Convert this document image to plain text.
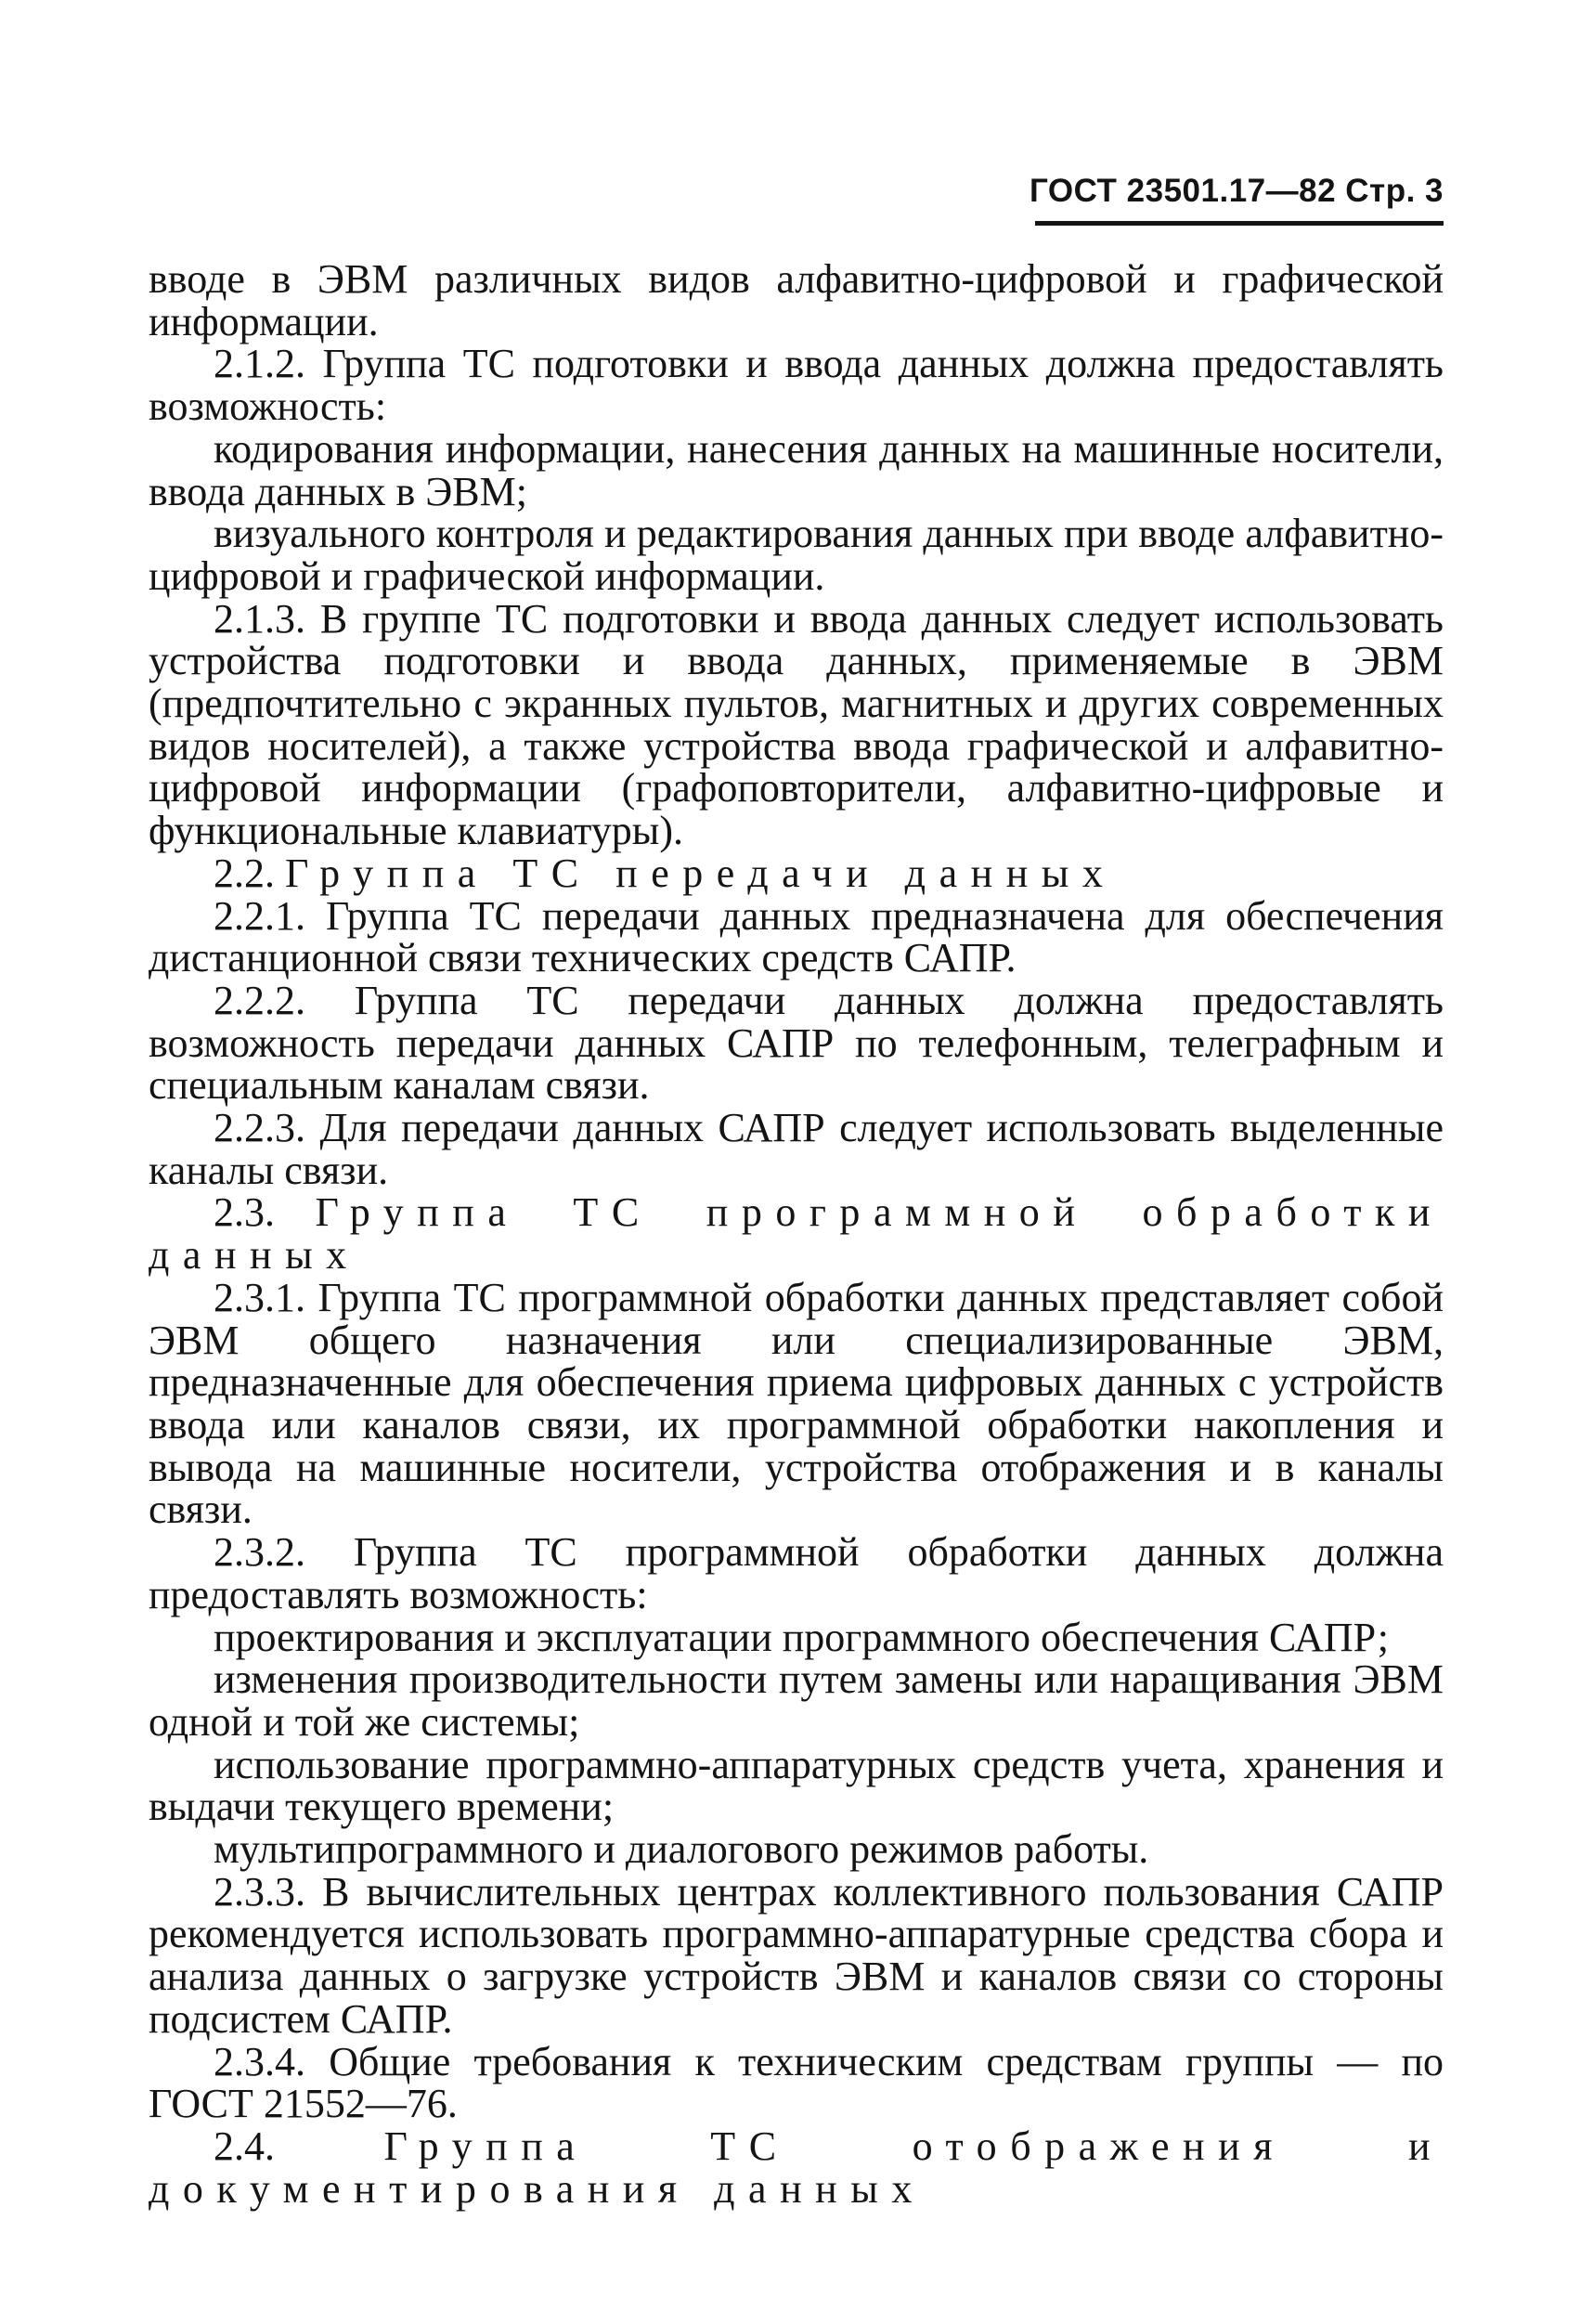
ГОСТ 23501.17—82 Стр. 3

вводе в ЭВМ различных видов алфавитно-цифровой и графической информации.

2.1.2. Группа ТС подготовки и ввода данных должна предоставлять возможность:

кодирования информации, нанесения данных на машинные носители, ввода данных в ЭВМ;

визуального контроля и редактирования данных при вводе алфавитно-цифровой и графической информации.

2.1.3. В группе ТС подготовки и ввода данных следует использовать устройства подготовки и ввода данных, применяемые в ЭВМ (предпочтительно с экранных пультов, магнитных и других современных видов носителей), а также устройства ввода графической и алфавитно-цифровой информации (графоповторители, алфавитно-цифровые и функциональные клавиатуры).

2.2. Группа ТС передачи данных

2.2.1. Группа ТС передачи данных предназначена для обеспечения дистанционной связи технических средств САПР.

2.2.2. Группа ТС передачи данных должна предоставлять возможность передачи данных САПР по телефонным, телеграфным и специальным каналам связи.

2.2.3. Для передачи данных САПР следует использовать выделенные каналы связи.

2.3. Группа ТС программной обработки данных

2.3.1. Группа ТС программной обработки данных представляет собой ЭВМ общего назначения или специализированные ЭВМ, предназначенные для обеспечения приема цифровых данных с устройств ввода или каналов связи, их программной обработки накопления и вывода на машинные носители, устройства отображения и в каналы связи.

2.3.2. Группа ТС программной обработки данных должна предоставлять возможность:

проектирования и эксплуатации программного обеспечения САПР;

изменения производительности путем замены или наращивания ЭВМ одной и той же системы;

использование программно-аппаратурных средств учета, хранения и выдачи текущего времени;

мультипрограммного и диалогового режимов работы.

2.3.3. В вычислительных центрах коллективного пользования САПР рекомендуется использовать программно-аппаратурные средства сбора и анализа данных о загрузке устройств ЭВМ и каналов связи со стороны подсистем САПР.

2.3.4. Общие требования к техническим средствам группы — по ГОСТ 21552—76.

2.4.	Группа ТС отображения и документирования данных
